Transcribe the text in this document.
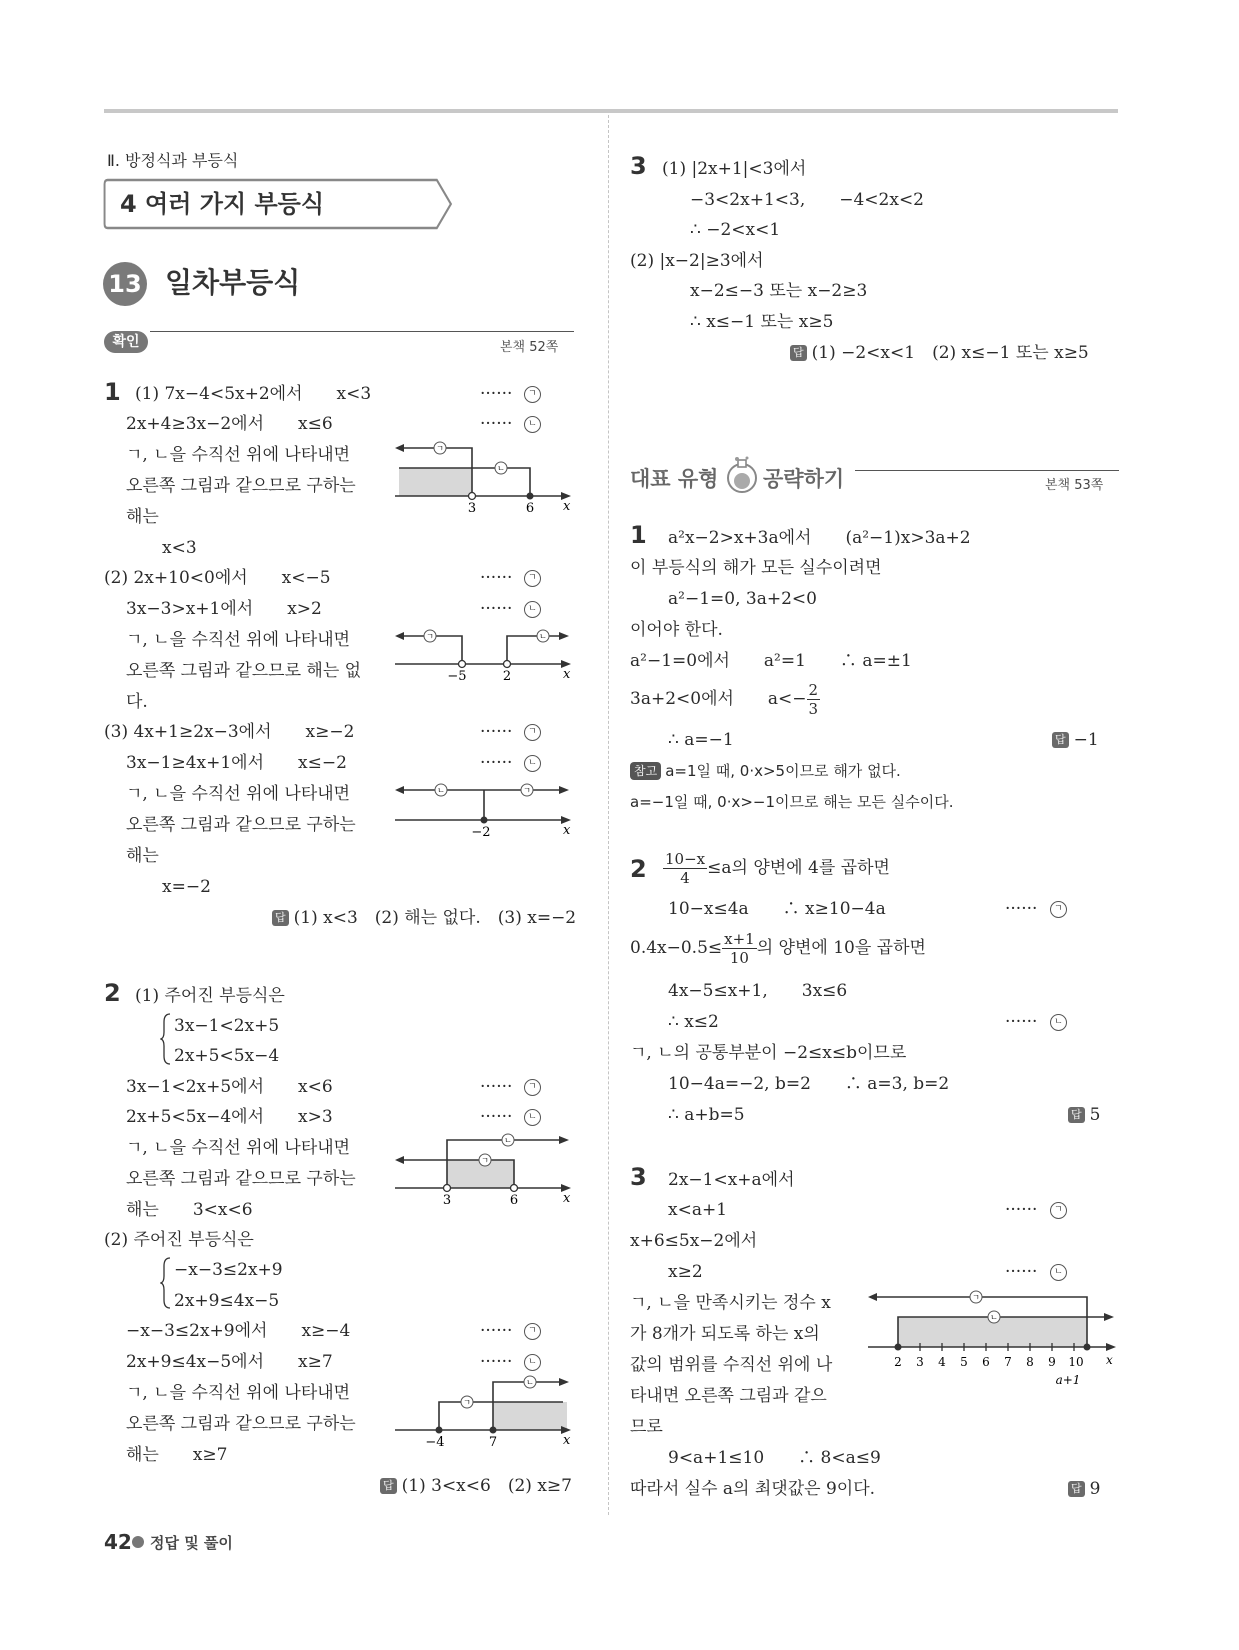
Ⅱ. 방정식과 부등식
4 여러 가지 부등식
13 일차부등식
확인	본책 52쪽
1 (1) 7x−4<5x+2에서　　x<3	······	ㄱ
2x+4≥3x−2에서　　x≤6	······	ㄴ
ㄱ, ㄴ을 수직선 위에 나타내면
오른쪽 그림과 같으므로 구하는
해는
x<3
ㄱ
ㄴ
3	6 x
(2) 2x+10<0에서　　x<−5	······	ㄱ
3x−3>x+1에서　　x>2	······	ㄴ
ㄱ, ㄴ을 수직선 위에 나타내면
오른쪽 그림과 같으므로 해는 없
다.
ㄱ	ㄴ
−5	2	x
(3) 4x+1≥2x−3에서　　x≥−2	······	ㄱ
3x−1≥4x+1에서　　x≤−2	······	ㄴ
ㄱ, ㄴ을 수직선 위에 나타내면
오른쪽 그림과 같으므로 구하는
해는
x=−2
ㄴ	ㄱ
−2	x
답 (1) x<3　(2) 해는 없다.　(3) x=−2
2 (1) 주어진 부등식은
3x−1<2x+5
2x+5<5x−4
3x−1<2x+5에서　　x<6	······	ㄱ
2x+5<5x−4에서　　x>3	······	ㄴ
ㄱ, ㄴ을 수직선 위에 나타내면
오른쪽 그림과 같으므로 구하는
해는　　3<x<6
ㄴ
ㄱ
3	6	x
(2) 주어진 부등식은
−x−3≤2x+9
2x+9≤4x−5
−x−3≤2x+9에서　　x≥−4	······	ㄱ
2x+9≤4x−5에서　　x≥7	······	ㄴ
ㄱ, ㄴ을 수직선 위에 나타내면
오른쪽 그림과 같으므로 구하는
해는　　x≥7
ㄱ
ㄴ
−4	7	x
답 (1) 3<x<6　(2) x≥7
3 (1) |2x+1|<3에서
−3<2x+1<3,　　−4<2x<2
∴ −2<x<1
(2) |x−2|≥3에서
x−2≤−3 또는 x−2≥3
∴ x≤−1 또는 x≥5
답 (1) −2<x<1　(2) x≤−1 또는 x≥5
대표 유형 공략하기	본책 53쪽
1 a²x−2>x+3a에서　　(a²−1)x>3a+2
이 부등식의 해가 모든 실수이려면
a²−1=0, 3a+2<0
이어야 한다.
a²−1=0에서　　a²=1　　∴ a=±1
3a+2<0에서　　$a<- \frac{2}{3}$
∴ a=−1	답 −1
참고 a=1일 때, 0·x>5이므로 해가 없다.
a=−1일 때, 0·x>−1이므로 해는 모든 실수이다.
$2 \frac{10-x}{4} \le a$의 양변에 4를 곱하면
10−x≤4a　　∴ x≥10−4a	······	ㄱ
$0.4x-0.5\le \frac{x+1}{10}$ 의 양변에 10을 곱하면
4x−5≤x+1,　　3x≤6
∴ x≤2	······	ㄴ
ㄱ, ㄴ의 공통부분이 −2≤x≤b이므로
10−4a=−2, b=2　　∴ a=3, b=2
∴ a+b=5	답 5
3 2x−1<x+a에서
x<a+1	······	ㄱ
x+6≤5x−2에서
x≥2	······	ㄴ
ㄱ, ㄴ을 만족시키는 정수 x
가 8개가 되도록 하는 x의
값의 범위를 수직선 위에 나
타내면 오른쪽 그림과 같으
므로
ㄱ
ㄴ
2 3 4 5 6 7 8 9 10 x
a+1
9<a+1≤10　　∴ 8<a≤9
따라서 실수 a의 최댓값은 9이다.	답 9
42 정답 및 풀이
